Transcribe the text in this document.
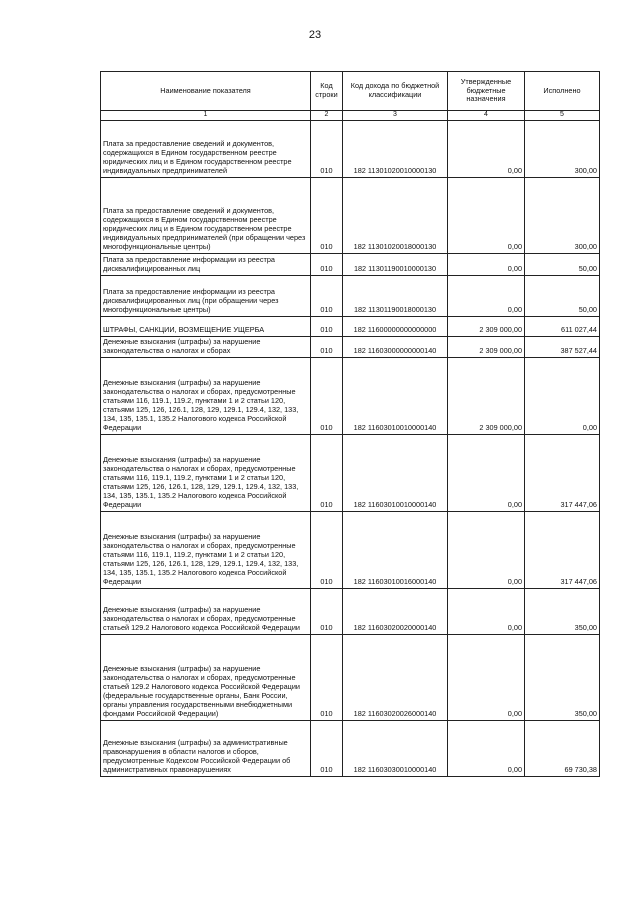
23
Наименование показателя	Код строки	Код дохода по бюджетной классификации	Утвержденные бюджетные назначения	Исполнено
1	2	3	4	5
Плата за предоставление сведений и документов, содержащихся в Едином государственном реестре юридических лиц и в Едином государственном реестре индивидуальных предпринимателей	010	182 11301020010000130	0,00	300,00
Плата за предоставление сведений и документов, содержащихся в Едином государственном реестре юридических лиц и в Едином государственном реестре индивидуальных предпринимателей (при обращении через многофункциональные центры)	010	182 11301020018000130	0,00	300,00
Плата за предоставление информации из реестра дисквалифицированных лиц	010	182 11301190010000130	0,00	50,00
Плата за предоставление информации из реестра дисквалифицированных лиц (при обращении через многофункциональные центры)	010	182 11301190018000130	0,00	50,00
ШТРАФЫ, САНКЦИИ, ВОЗМЕЩЕНИЕ УЩЕРБА	010	182 11600000000000000	2 309 000,00	611 027,44
Денежные взыскания (штрафы) за нарушение законодательства о налогах и сборах	010	182 11603000000000140	2 309 000,00	387 527,44
Денежные взыскания (штрафы) за нарушение законодательства о налогах и сборах, предусмотренные статьями 116, 119.1, 119.2, пунктами 1 и 2 статьи 120, статьями 125, 126, 126.1, 128, 129, 129.1, 129.4, 132, 133, 134, 135, 135.1, 135.2 Налогового кодекса Российской Федерации	010	182 11603010010000140	2 309 000,00	0,00
Денежные взыскания (штрафы) за нарушение законодательства о налогах и сборах, предусмотренные статьями 116, 119.1, 119.2, пунктами 1 и 2 статьи 120, статьями 125, 126, 126.1, 128, 129, 129.1, 129.4, 132, 133, 134, 135, 135.1, 135.2 Налогового кодекса Российской Федерации	010	182 11603010010000140	0,00	317 447,06
Денежные взыскания (штрафы) за нарушение законодательства о налогах и сборах, предусмотренные статьями 116, 119.1, 119.2, пунктами 1 и 2 статьи 120, статьями 125, 126, 126.1, 128, 129, 129.1, 129.4, 132, 133, 134, 135, 135.1, 135.2 Налогового кодекса Российской Федерации	010	182 11603010016000140	0,00	317 447,06
Денежные взыскания (штрафы) за нарушение законодательства о налогах и сборах, предусмотренные статьей 129.2 Налогового кодекса Российской Федерации	010	182 11603020020000140	0,00	350,00
Денежные взыскания (штрафы) за нарушение законодательства о налогах и сборах, предусмотренные статьей 129.2 Налогового кодекса Российской Федерации (федеральные государственные органы, Банк России, органы управления государственными внебюджетными фондами Российской Федерации)	010	182 11603020026000140	0,00	350,00
Денежные взыскания (штрафы) за административные правонарушения в области налогов и сборов, предусмотренные Кодексом Российской Федерации об административных правонарушениях	010	182 11603030010000140	0,00	69 730,38
